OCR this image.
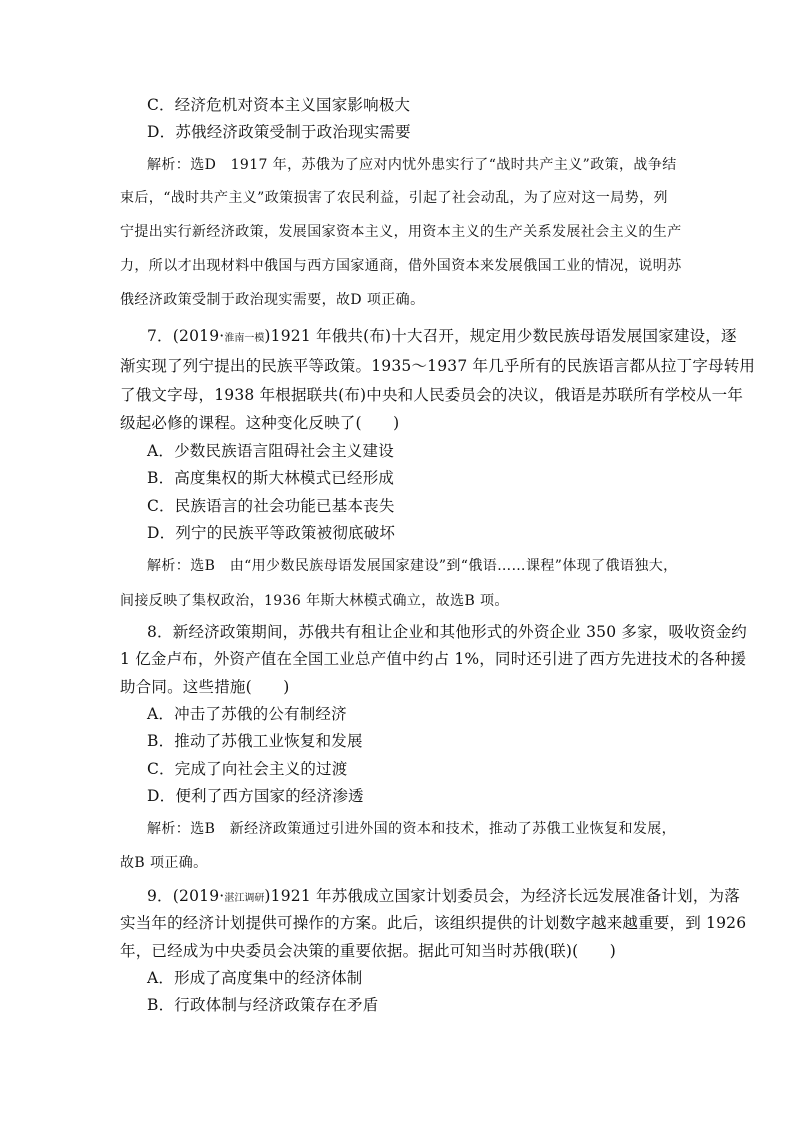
C．经济危机对资本主义国家影响极大
D．苏俄经济政策受制于政治现实需要
解析：选D　1917 年，苏俄为了应对内忧外患实行了“战时共产主义”政策，战争结
束后，“战时共产主义”政策损害了农民利益，引起了社会动乱，为了应对这一局势，列
宁提出实行新经济政策，发展国家资本主义，用资本主义的生产关系发展社会主义的生产
力，所以才出现材料中俄国与西方国家通商，借外国资本来发展俄国工业的情况，说明苏
俄经济政策受制于政治现实需要，故D 项正确。
7．(2019·淮南一模)1921 年俄共(布)十大召开，规定用少数民族母语发展国家建设，逐
渐实现了列宁提出的民族平等政策。1935～1937 年几乎所有的民族语言都从拉丁字母转用
了俄文字母，1938 年根据联共(布)中央和人民委员会的决议，俄语是苏联所有学校从一年
级起必修的课程。这种变化反映了(　　)
A．少数民族语言阻碍社会主义建设
B．高度集权的斯大林模式已经形成
C．民族语言的社会功能已基本丧失
D．列宁的民族平等政策被彻底破坏
解析：选B　由“用少数民族母语发展国家建设”到“俄语……课程”体现了俄语独大，
间接反映了集权政治，1936 年斯大林模式确立，故选B 项。
8．新经济政策期间，苏俄共有租让企业和其他形式的外资企业 350 多家，吸收资金约
1 亿金卢布，外资产值在全国工业总产值中约占 1%，同时还引进了西方先进技术的各种援
助合同。这些措施(　　)
A．冲击了苏俄的公有制经济
B．推动了苏俄工业恢复和发展
C．完成了向社会主义的过渡
D．便利了西方国家的经济渗透
解析：选B　新经济政策通过引进外国的资本和技术，推动了苏俄工业恢复和发展，
故B 项正确。
9．(2019·湛江调研)1921 年苏俄成立国家计划委员会，为经济长远发展准备计划，为落
实当年的经济计划提供可操作的方案。此后，该组织提供的计划数字越来越重要，到 1926
年，已经成为中央委员会决策的重要依据。据此可知当时苏俄(联)(　　)
A．形成了高度集中的经济体制
B．行政体制与经济政策存在矛盾
